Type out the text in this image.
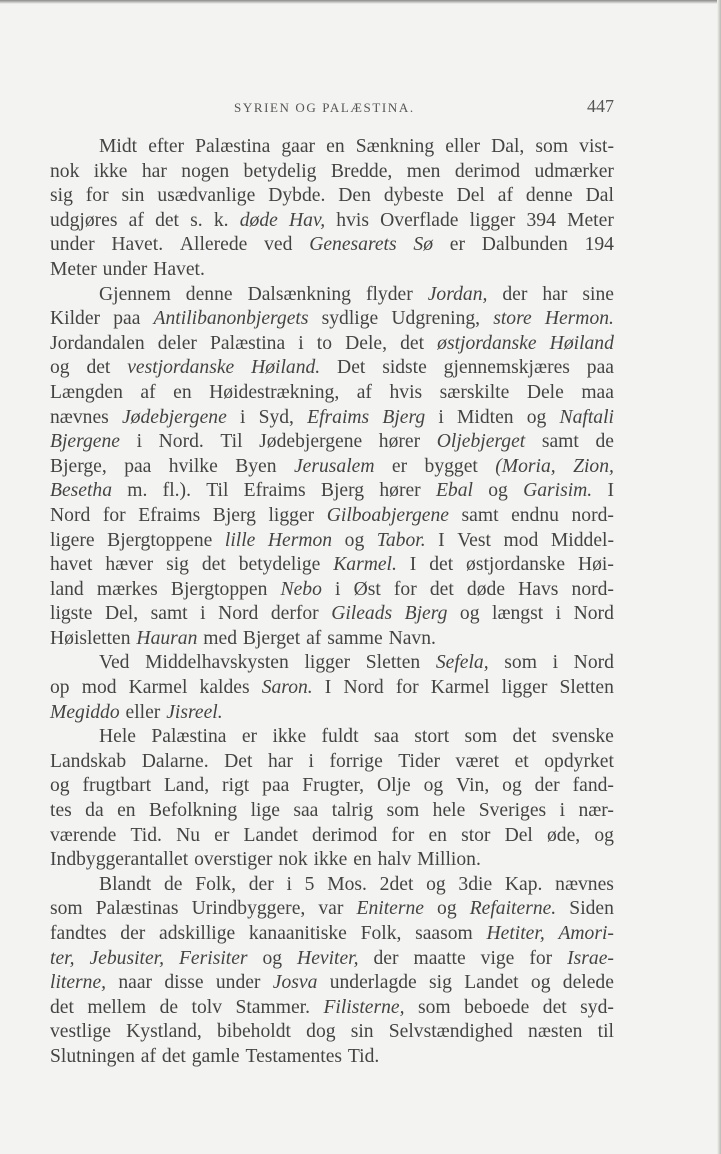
SYRIEN OG PALÆSTINA.	447
Midt efter Palæstina gaar en Sænkning eller Dal, som vist-
nok ikke har nogen betydelig Bredde, men derimod udmærker
sig for sin usædvanlige Dybde. Den dybeste Del af denne Dal
udgjøres af det s. k. døde Hav, hvis Overflade ligger 394 Meter
under Havet. Allerede ved Genesarets Sø er Dalbunden 194
Meter under Havet.
Gjennem denne Dalsænkning flyder Jordan, der har sine
Kilder paa Antilibanonbjergets sydlige Udgrening, store Hermon.
Jordandalen deler Palæstina i to Dele, det østjordanske Høiland
og det vestjordanske Høiland. Det sidste gjennemskjæres paa
Længden af en Høidestrækning, af hvis særskilte Dele maa
nævnes Jødebjergene i Syd, Efraims Bjerg i Midten og Naftali
Bjergene i Nord. Til Jødebjergene hører Oljebjerget samt de
Bjerge, paa hvilke Byen Jerusalem er bygget (Moria, Zion,
Besetha m. fl.). Til Efraims Bjerg hører Ebal og Garisim. I
Nord for Efraims Bjerg ligger Gilboabjergene samt endnu nord-
ligere Bjergtoppene lille Hermon og Tabor. I Vest mod Middel-
havet hæver sig det betydelige Karmel. I det østjordanske Høi-
land mærkes Bjergtoppen Nebo i Øst for det døde Havs nord-
ligste Del, samt i Nord derfor Gileads Bjerg og længst i Nord
Høisletten Hauran med Bjerget af samme Navn.
Ved Middelhavskysten ligger Sletten Sefela, som i Nord
op mod Karmel kaldes Saron. I Nord for Karmel ligger Sletten
Megiddo eller Jisreel.
Hele Palæstina er ikke fuldt saa stort som det svenske
Landskab Dalarne. Det har i forrige Tider været et opdyrket
og frugtbart Land, rigt paa Frugter, Olje og Vin, og der fand-
tes da en Befolkning lige saa talrig som hele Sveriges i nær-
værende Tid. Nu er Landet derimod for en stor Del øde, og
Indbyggerantallet overstiger nok ikke en halv Million.
Blandt de Folk, der i 5 Mos. 2det og 3die Kap. nævnes
som Palæstinas Urindbyggere, var Eniterne og Refaiterne. Siden
fandtes der adskillige kanaanitiske Folk, saasom Hetiter, Amori-
ter, Jebusiter, Ferisiter og Heviter, der maatte vige for Israe-
literne, naar disse under Josva underlagde sig Landet og delede
det mellem de tolv Stammer. Filisterne, som beboede det syd-
vestlige Kystland, bibeholdt dog sin Selvstændighed næsten til
Slutningen af det gamle Testamentes Tid.
